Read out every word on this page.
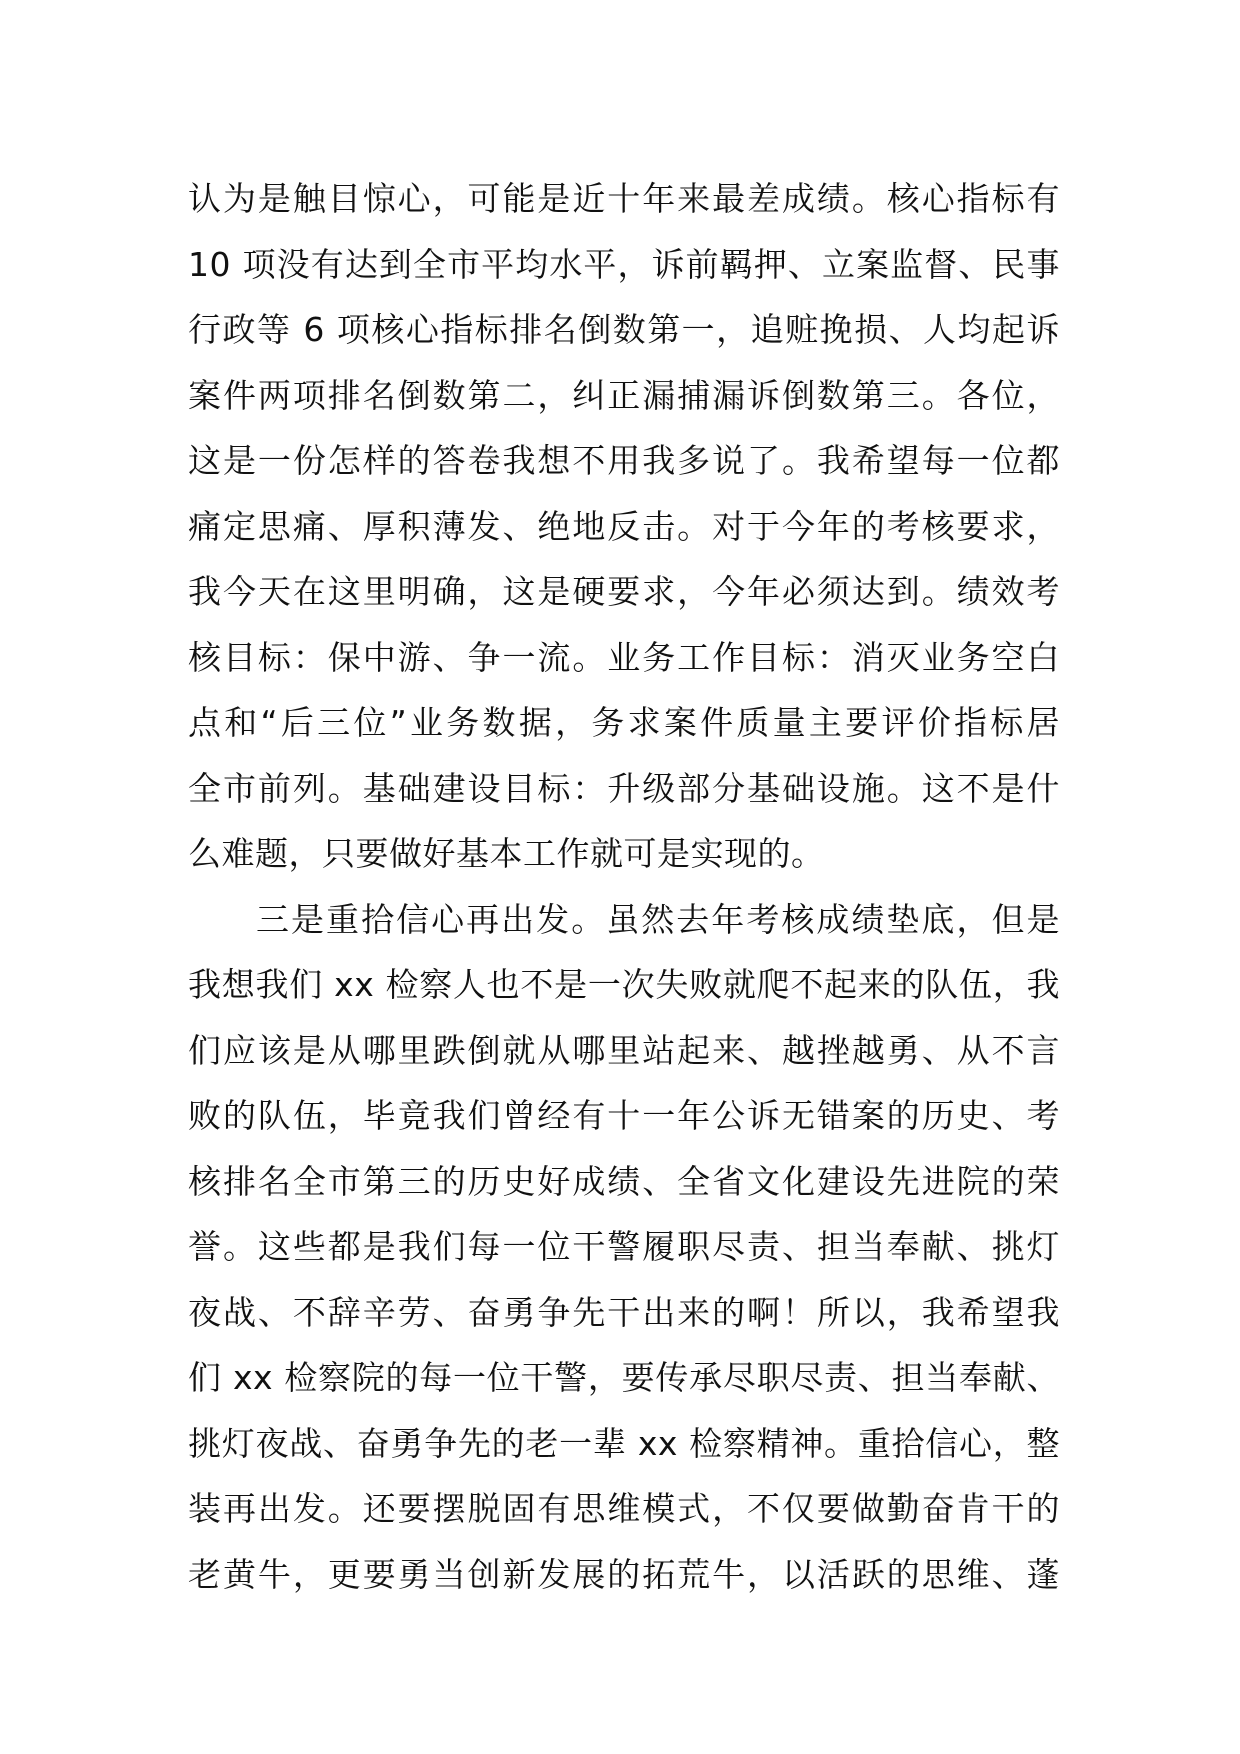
认为是触目惊心，可能是近十年来最差成绩。核心指标有
10 项没有达到全市平均水平，诉前羁押、立案监督、民事
行政等 6 项核心指标排名倒数第一，追赃挽损、人均起诉
案件两项排名倒数第二，纠正漏捕漏诉倒数第三。各位，
这是一份怎样的答卷我想不用我多说了。我希望每一位都
痛定思痛、厚积薄发、绝地反击。对于今年的考核要求，
我今天在这里明确，这是硬要求，今年必须达到。绩效考
核目标：保中游、争一流。业务工作目标：消灭业务空白
点和“后三位”业务数据，务求案件质量主要评价指标居
全市前列。基础建设目标：升级部分基础设施。这不是什
么难题，只要做好基本工作就可是实现的。
三是重拾信心再出发。虽然去年考核成绩垫底，但是
我想我们 xx 检察人也不是一次失败就爬不起来的队伍，我
们应该是从哪里跌倒就从哪里站起来、越挫越勇、从不言
败的队伍，毕竟我们曾经有十一年公诉无错案的历史、考
核排名全市第三的历史好成绩、全省文化建设先进院的荣
誉。这些都是我们每一位干警履职尽责、担当奉献、挑灯
夜战、不辞辛劳、奋勇争先干出来的啊！所以，我希望我
们 xx 检察院的每一位干警，要传承尽职尽责、担当奉献、
挑灯夜战、奋勇争先的老一辈 xx 检察精神。重拾信心，整
装再出发。还要摆脱固有思维模式，不仅要做勤奋肯干的
老黄牛，更要勇当创新发展的拓荒牛，以活跃的思维、蓬
